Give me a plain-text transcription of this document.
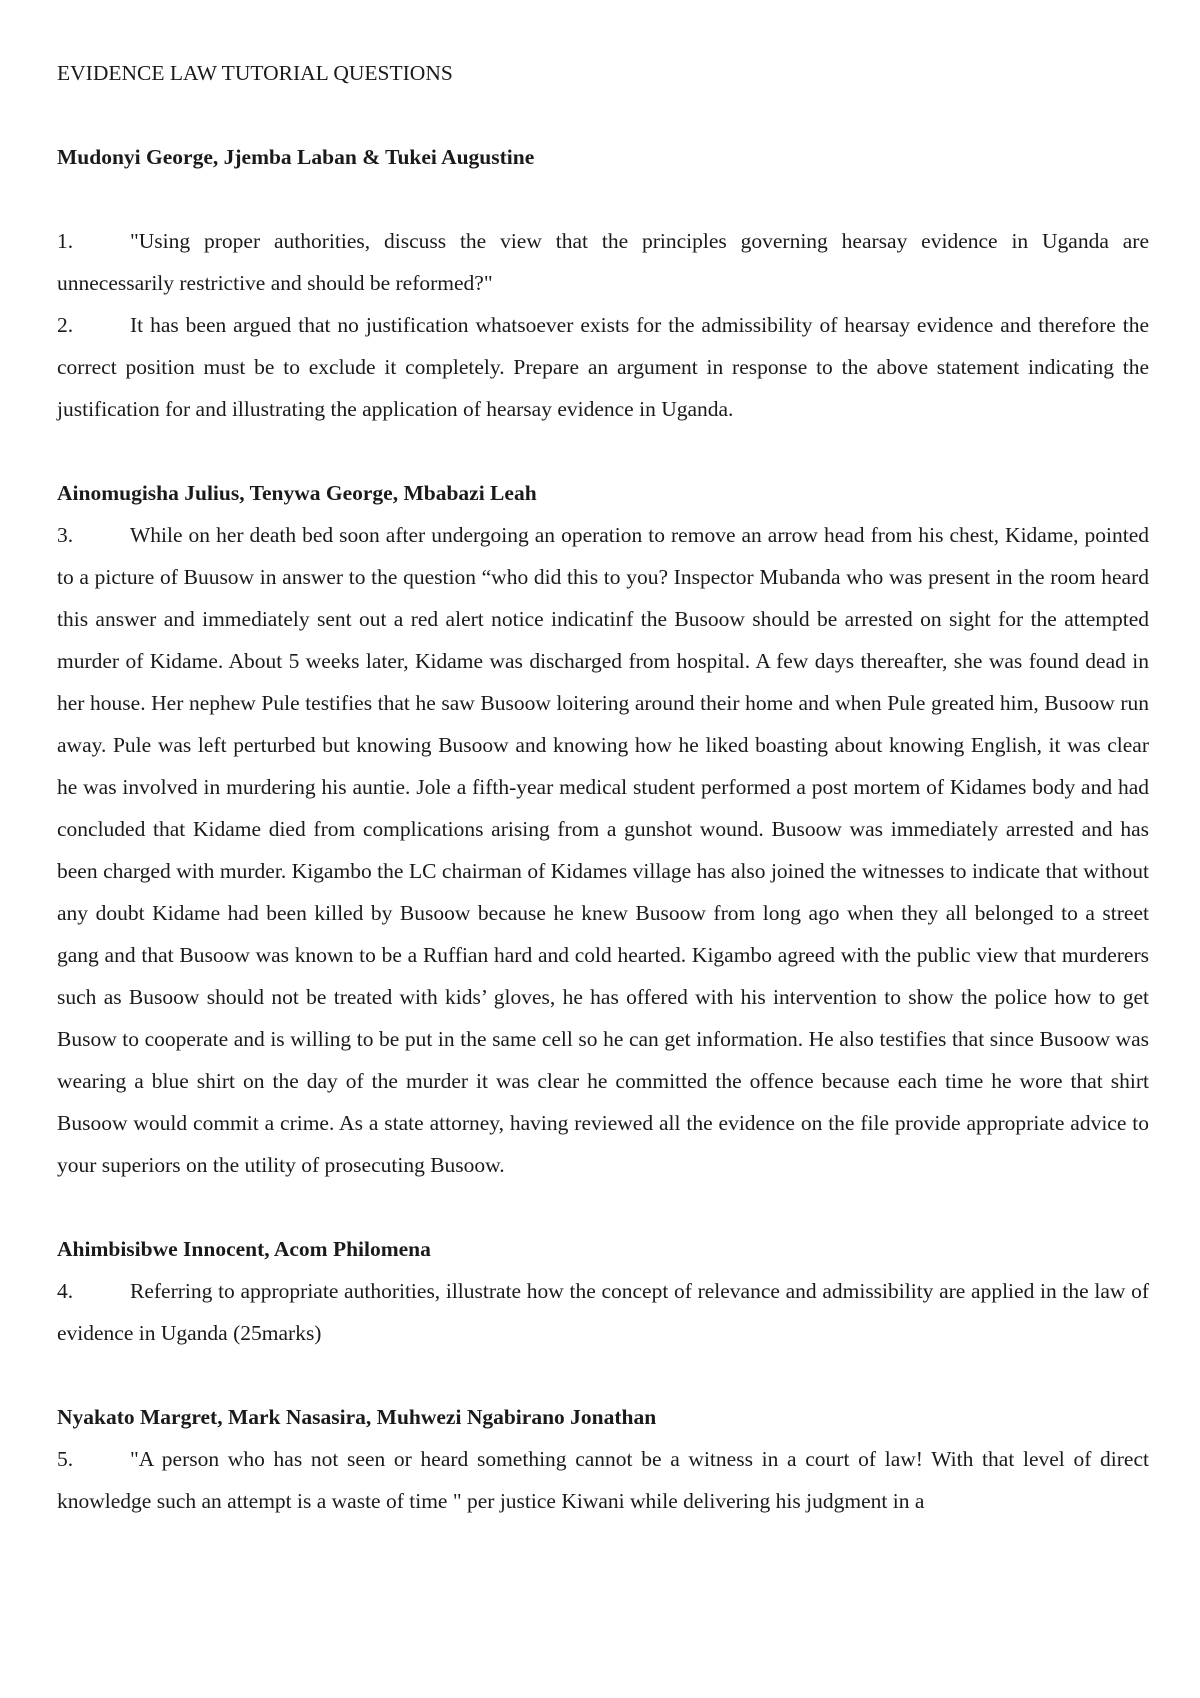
EVIDENCE LAW TUTORIAL QUESTIONS

Mudonyi George, Jjemba Laban & Tukei Augustine

1.	"Using proper authorities, discuss the view that the principles governing hearsay evidence in Uganda are unnecessarily restrictive and should be reformed?"

2.	It has been argued that no justification whatsoever exists for the admissibility of hearsay evidence and therefore the correct position must be to exclude it completely. Prepare an argument in response to the above statement indicating the justification for and illustrating the application of hearsay evidence in Uganda.

Ainomugisha Julius, Tenywa George, Mbabazi Leah

3.	While on her death bed soon after undergoing an operation to remove an arrow head from his chest, Kidame, pointed to a picture of Buusow in answer to the question “who did this to you? Inspector Mubanda who was present in the room heard this answer and immediately sent out a red alert notice indicatinf the Busoow should be arrested on sight for the attempted murder of Kidame. About 5 weeks later, Kidame was discharged from hospital. A few days thereafter, she was found dead in her house. Her nephew Pule testifies that he saw Busoow loitering around their home and when Pule greated him, Busoow run away. Pule was left perturbed but knowing Busoow and knowing how he liked boasting about knowing English, it was clear he was involved in murdering his auntie. Jole a fifth-year medical student performed a post mortem of Kidames body and had concluded that Kidame died from complications arising from a gunshot wound. Busoow was immediately arrested and has been charged with murder. Kigambo the LC chairman of Kidames village has also joined the witnesses to indicate that without any doubt Kidame had been killed by Busoow because he knew Busoow from long ago when they all belonged to a street gang and that Busoow was known to be a Ruffian hard and cold hearted. Kigambo agreed with the public view that murderers such as Busoow should not be treated with kids’ gloves, he has offered with his intervention to show the police how to get Busow to cooperate and is willing to be put in the same cell so he can get information. He also testifies that since Busoow was wearing a blue shirt on the day of the murder it was clear he committed the offence because each time he wore that shirt Busoow would commit a crime. As a state attorney, having reviewed all the evidence on the file provide appropriate advice to your superiors on the utility of prosecuting Busoow.

Ahimbisibwe Innocent, Acom Philomena

4.	Referring to appropriate authorities, illustrate how the concept of relevance and admissibility are applied in the law of evidence in Uganda (25marks)

Nyakato Margret, Mark Nasasira, Muhwezi Ngabirano Jonathan

5.	"A person who has not seen or heard something cannot be a witness in a court of law! With that level of direct knowledge such an attempt is a waste of time " per justice Kiwani while delivering his judgment in a
